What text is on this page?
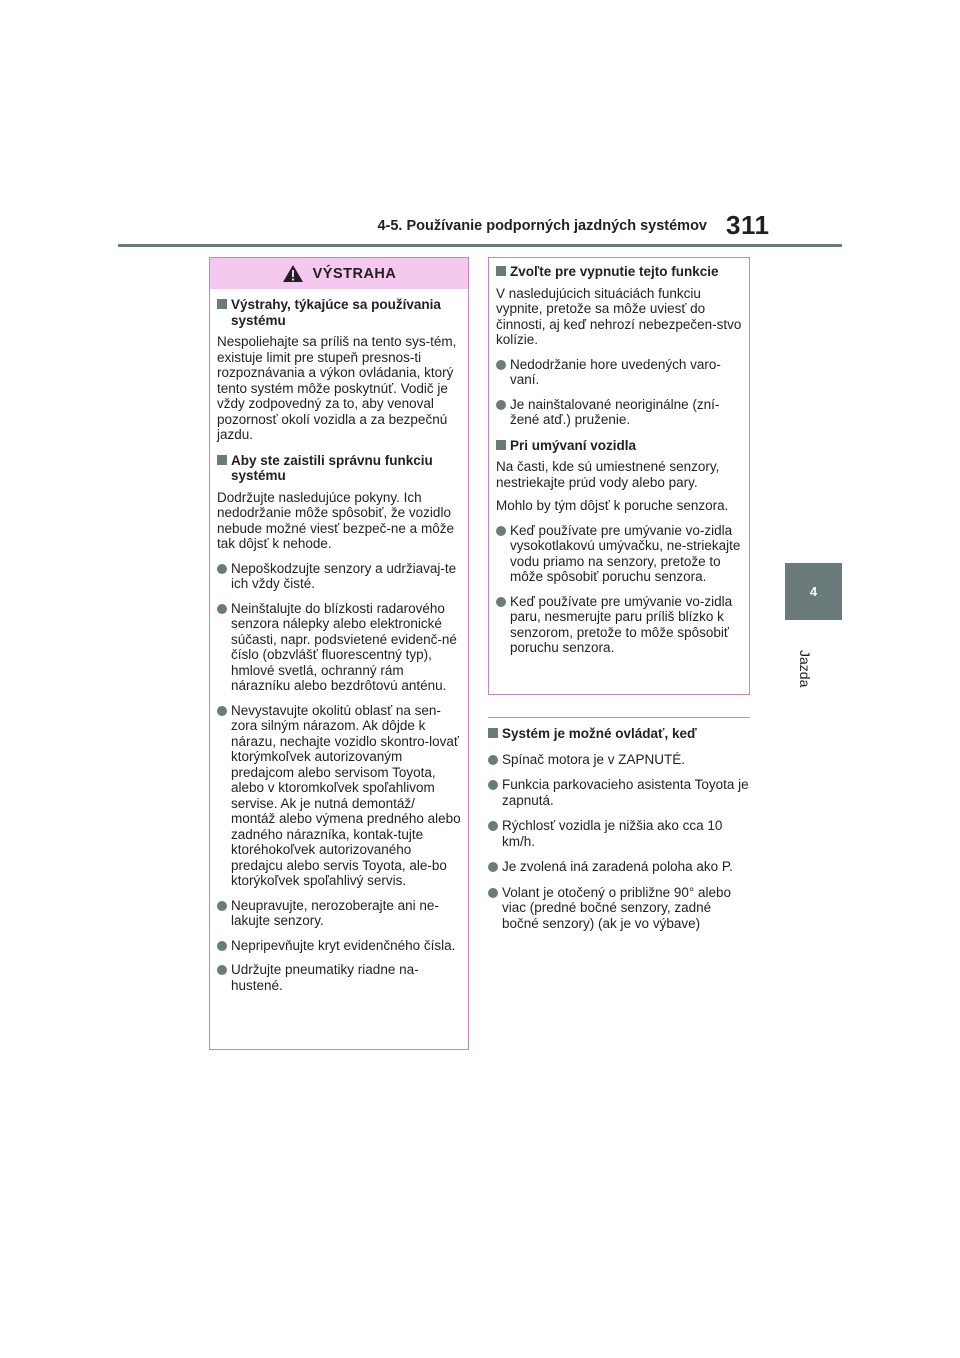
4-5. Používanie podporných jazdných systémov 311
4
Jazda
VÝSTRAHA
Výstrahy, týkajúce sa používania systému
Nespoliehajte sa príliš na tento sys-tém, existuje limit pre stupeň presnos-ti rozpoznávania a výkon ovládania, ktorý tento systém môže poskytnúť. Vodič je vždy zodpovedný za to, aby venoval pozornosť okolí vozidla a za bezpečnú jazdu.
Aby ste zaistili správnu funkciu systému
Dodržujte nasledujúce pokyny. Ich nedodržanie môže spôsobiť, že vozidlo nebude možné viesť bezpeč-ne a môže tak dôjsť k nehode.
Nepoškodzujte senzory a udržiavaj-te ich vždy čisté.
Neinštalujte do blízkosti radarového senzora nálepky alebo elektronické súčasti, napr. podsvietené evidenč-né číslo (obzvlášť fluorescentný typ), hmlové svetlá, ochranný rám nárazníku alebo bezdrôtovú anténu.
Nevystavujte okolitú oblasť na sen-zora silným nárazom. Ak dôjde k nárazu, nechajte vozidlo skontro-lovať ktorýmkoľvek autorizovaným predajcom alebo servisom Toyota, alebo v ktoromkoľvek spoľahlivom servise. Ak je nutná demontáž/ montáž alebo výmena predného alebo zadného nárazníka, kontak-tujte ktoréhokoľvek autorizovaného predajcu alebo servis Toyota, ale-bo ktorýkoľvek spoľahlivý servis.
Neupravujte, nerozoberajte ani ne-lakujte senzory.
Nepripevňujte kryt evidenčného čísla.
Udržujte pneumatiky riadne na-hustené.
Zvoľte pre vypnutie tejto funkcie
V nasledujúcich situáciách funkciu vypnite, pretože sa môže uviesť do činnosti, aj keď nehrozí nebezpečen-stvo kolízie.
Nedodržanie hore uvedených varo-vaní.
Je nainštalované neoriginálne (zní-žené atď.) pruženie.
Pri umývaní vozidla
Na časti, kde sú umiestnené senzory, nestriekajte prúd vody alebo pary.
Mohlo by tým dôjsť k poruche senzora.
Keď používate pre umývanie vo-zidla vysokotlakovú umývačku, ne-striekajte vodu priamo na senzory, pretože to môže spôsobiť poruchu senzora.
Keď používate pre umývanie vo-zidla paru, nesmerujte paru príliš blízko k senzorom, pretože to môže spôsobiť poruchu senzora.
Systém je možné ovládať, keď
Spínač motora je v ZAPNUTÉ.
Funkcia parkovacieho asistenta Toyota je zapnutá.
Rýchlosť vozidla je nižšia ako cca 10 km/h.
Je zvolená iná zaradená poloha ako P.
Volant je otočený o približne 90° alebo viac (predné bočné senzory, zadné bočné senzory) (ak je vo výbave)
